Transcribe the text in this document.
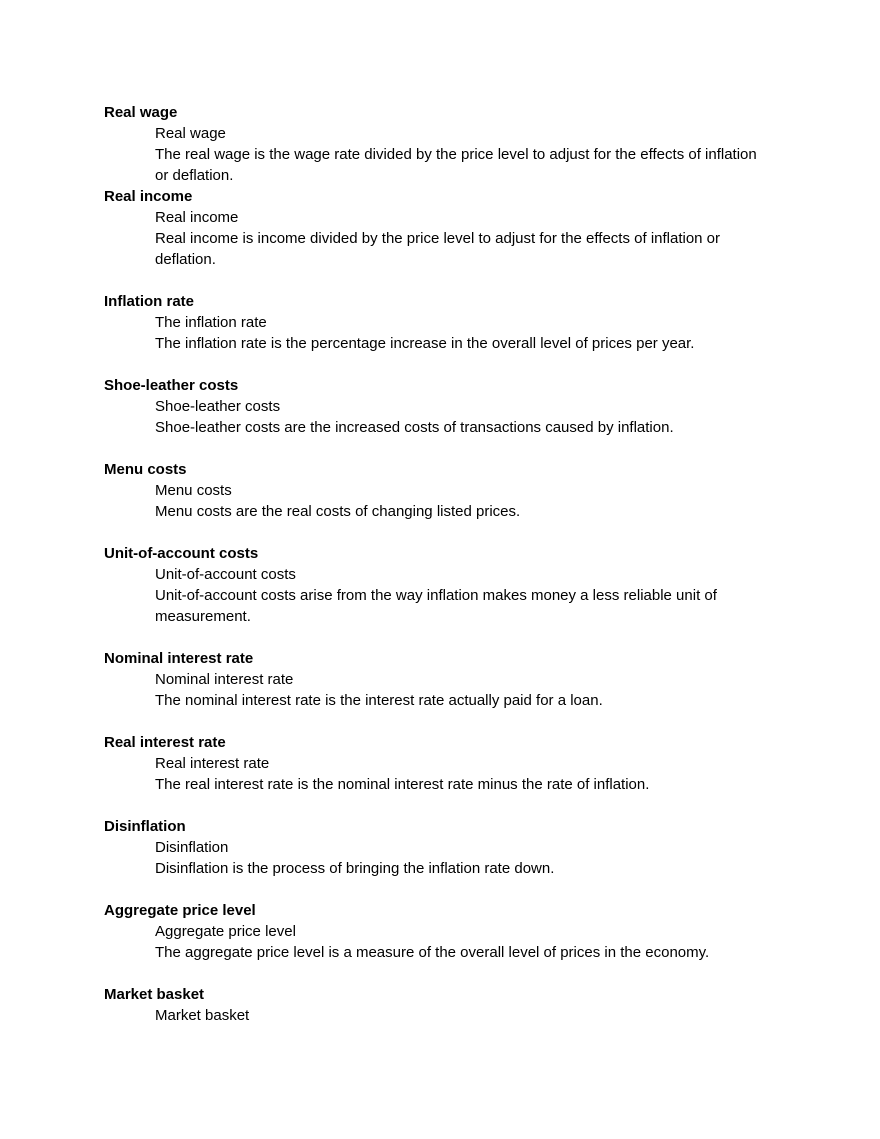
Real wage

Real wage

The real wage is the wage rate divided by the price level to adjust for the effects of inflation or deflation.

Real income

Real income

Real income is income divided by the price level to adjust for the effects of inflation or deflation.

Inflation rate

The inflation rate

The inflation rate is the percentage increase in the overall level of prices per year.

Shoe-leather costs

Shoe-leather costs

Shoe-leather costs are the increased costs of transactions caused by inflation.

Menu costs

Menu costs

Menu costs are the real costs of changing listed prices.

Unit-of-account costs

Unit-of-account costs

Unit-of-account costs arise from the way inflation makes money a less reliable unit of measurement.

Nominal interest rate

Nominal interest rate

The nominal interest rate is the interest rate actually paid for a loan.

Real interest rate

Real interest rate

The real interest rate is the nominal interest rate minus the rate of inflation.

Disinflation

Disinflation

Disinflation is the process of bringing the inflation rate down.

Aggregate price level

Aggregate price level

The aggregate price level is a measure of the overall level of prices in the economy.

Market basket

Market basket
